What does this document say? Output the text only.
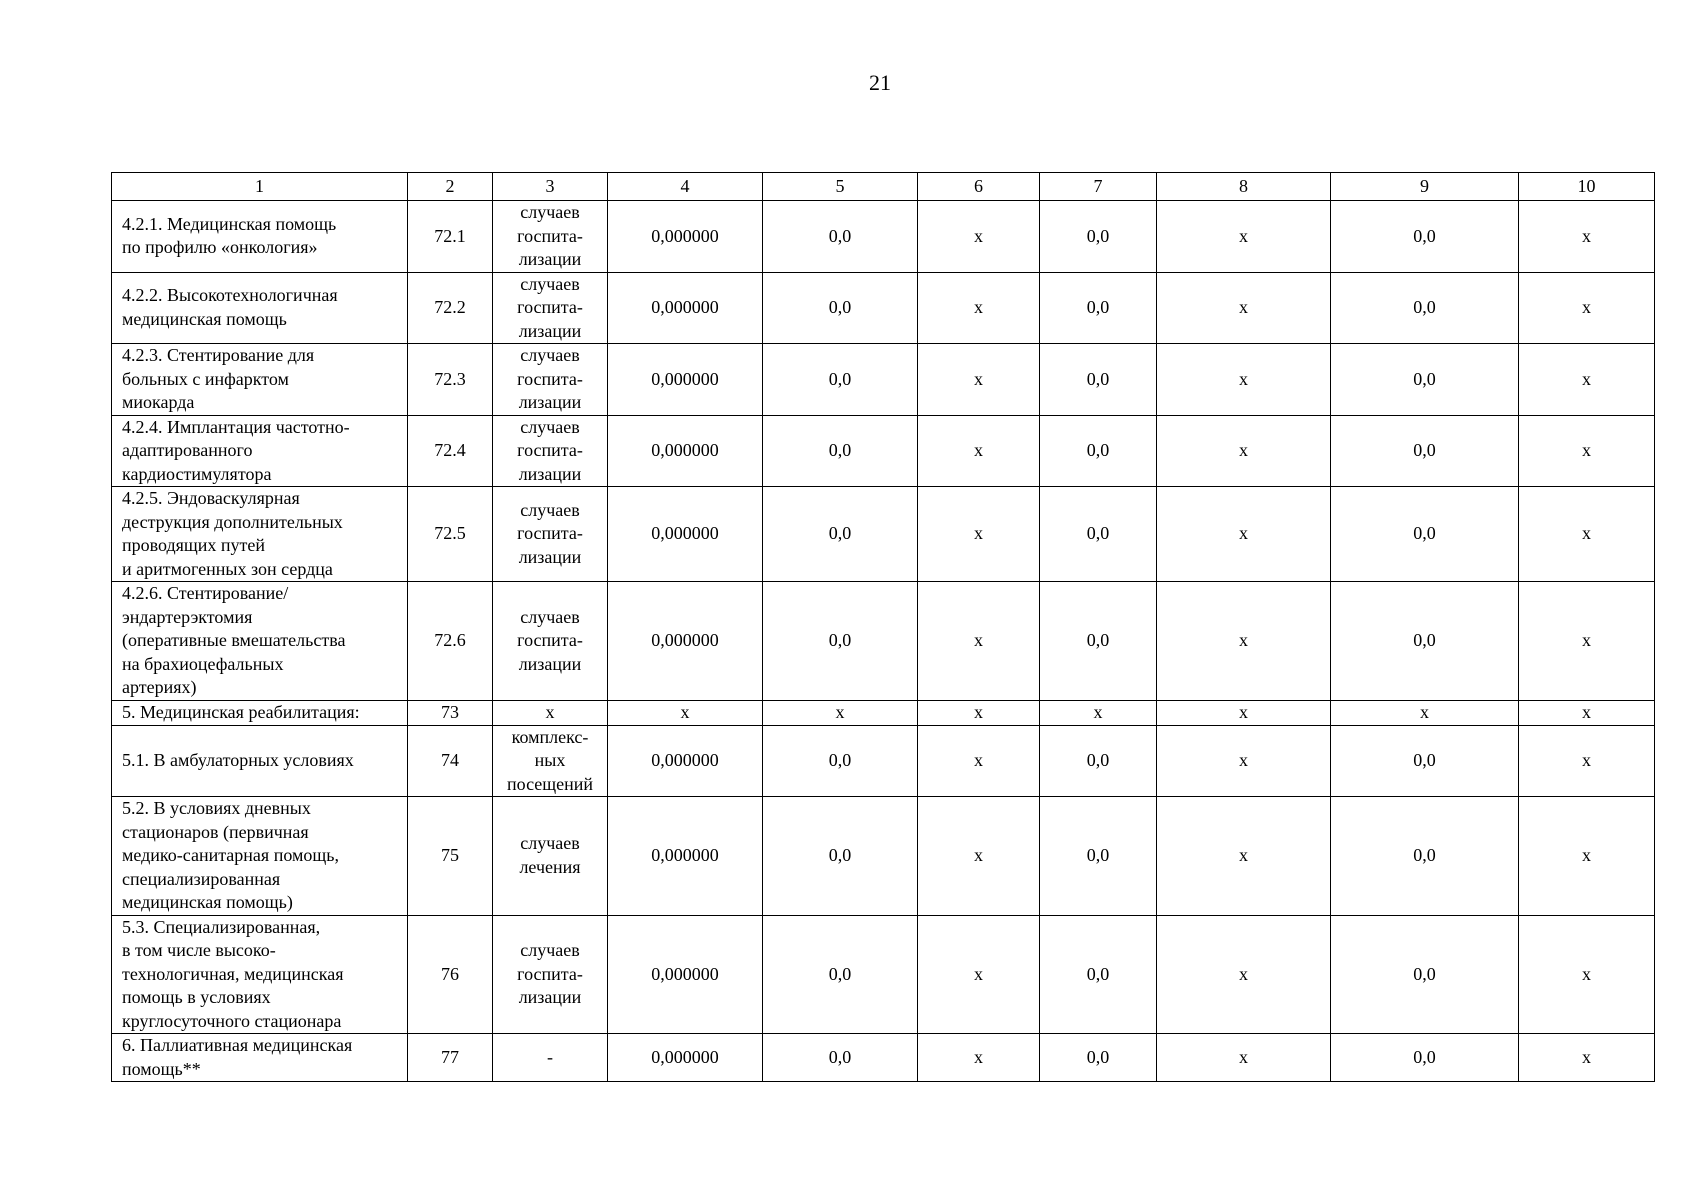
21
1	2	3	4	5	6	7	8	9	10
4.2.1. Медицинская помощь
по профилю «онкология»	72.1	случаев
госпита-
лизации	0,000000	0,0	х	0,0	х	0,0	х
4.2.2. Высокотехнологичная
медицинская помощь	72.2	случаев
госпита-
лизации	0,000000	0,0	х	0,0	х	0,0	х
4.2.3. Стентирование для
больных с инфарктом
миокарда	72.3	случаев
госпита-
лизации	0,000000	0,0	х	0,0	х	0,0	х
4.2.4. Имплантация частотно-
адаптированного
кардиостимулятора	72.4	случаев
госпита-
лизации	0,000000	0,0	х	0,0	х	0,0	х
4.2.5. Эндоваскулярная
деструкция дополнительных
проводящих путей
и аритмогенных зон сердца	72.5	случаев
госпита-
лизации	0,000000	0,0	х	0,0	х	0,0	х
4.2.6. Стентирование/
эндартерэктомия
(оперативные вмешательства
на брахиоцефальных
артериях)	72.6	случаев
госпита-
лизации	0,000000	0,0	х	0,0	х	0,0	х
5. Медицинская реабилитация:	73	х	х	х	х	х	х	х	х
5.1. В амбулаторных условиях	74	комплекс-
ных
посещений	0,000000	0,0	х	0,0	х	0,0	х
5.2. В условиях дневных
стационаров (первичная
медико-санитарная помощь,
специализированная
медицинская помощь)	75	случаев
лечения	0,000000	0,0	х	0,0	х	0,0	х
5.3. Специализированная,
в том числе высоко-
технологичная, медицинская
помощь в условиях
круглосуточного стационара	76	случаев
госпита-
лизации	0,000000	0,0	х	0,0	х	0,0	х
6. Паллиативная медицинская
помощь**	77	-	0,000000	0,0	х	0,0	х	0,0	х
